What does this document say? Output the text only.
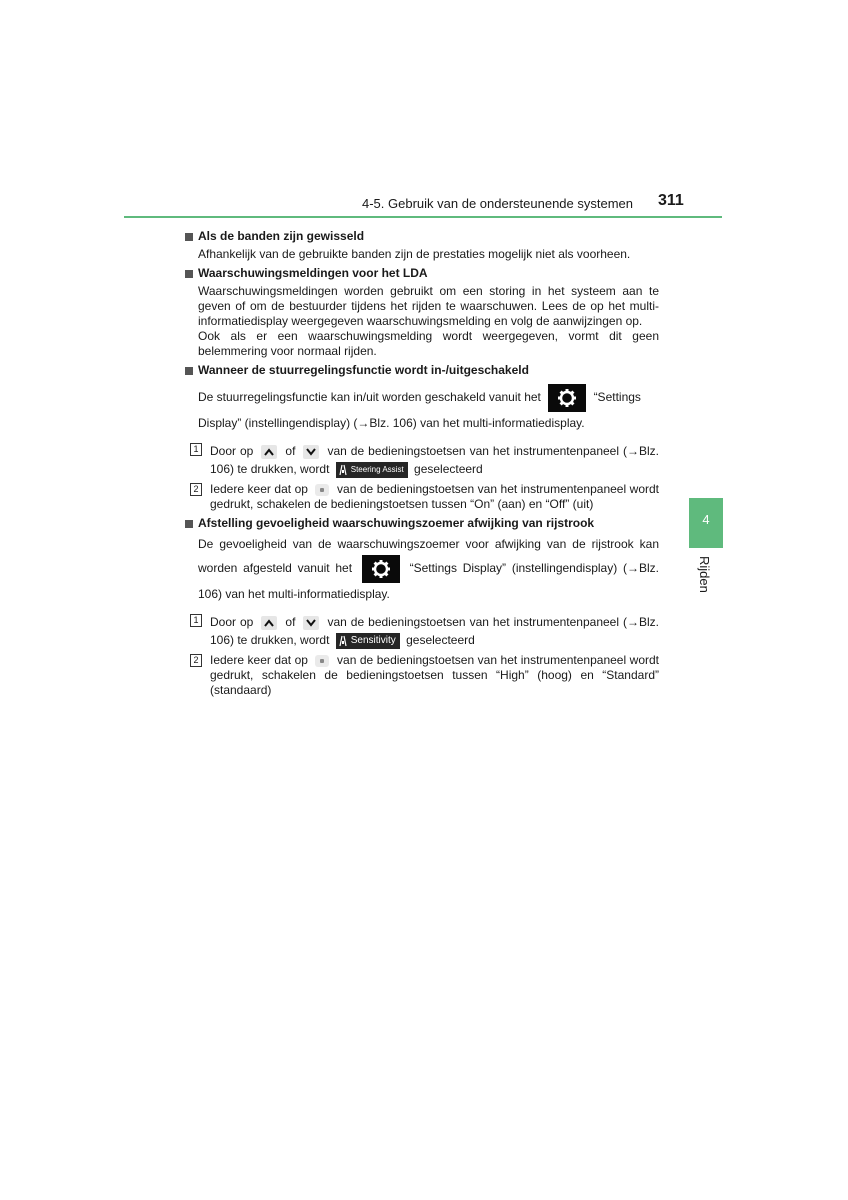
4-5. Gebruik van de ondersteunende systemen 311
4
Rijden
Als de banden zijn gewisseld
Afhankelijk van de gebruikte banden zijn de prestaties mogelijk niet als voorheen.
Waarschuwingsmeldingen voor het LDA
Waarschuwingsmeldingen worden gebruikt om een storing in het systeem aan te geven of om de bestuurder tijdens het rijden te waarschuwen. Lees de op het multi-informatiedisplay weergegeven waarschuwingsmelding en volg de aanwijzingen op.
Ook als er een waarschuwingsmelding wordt weergegeven, vormt dit geen belemmering voor normaal rijden.
Wanneer de stuurregelingsfunctie wordt in-/uitgeschakeld
De stuurregelingsfunctie kan in/uit worden geschakeld vanuit het	“Settings Display” (instellingendisplay) (→Blz. 106) van het multi-informatiedisplay.
1 Door op	of	van de bedieningstoetsen van het instrumentenpaneel (→Blz. 106) te drukken, wordt	Steering Assist geselecteerd
2 Iedere keer dat op van de bedieningstoetsen van het instrumentenpaneel wordt gedrukt, schakelen de bedieningstoetsen tussen “On” (aan) en “Off” (uit)
Afstelling gevoeligheid waarschuwingszoemer afwijking van rijstrook
De gevoeligheid van de waarschuwingszoemer voor afwijking van de rijstrook kan worden afgesteld vanuit het	“Settings Display” (instellingendisplay) (→Blz. 106) van het multi-informatiedisplay.
1 Door op	of	van de bedieningstoetsen van het instrumentenpaneel (→Blz. 106) te drukken, wordt Sensitivity geselecteerd
2 Iedere keer dat op van de bedieningstoetsen van het instrumentenpaneel wordt gedrukt, schakelen de bedieningstoetsen tussen “High” (hoog) en “Standard” (standaard)
